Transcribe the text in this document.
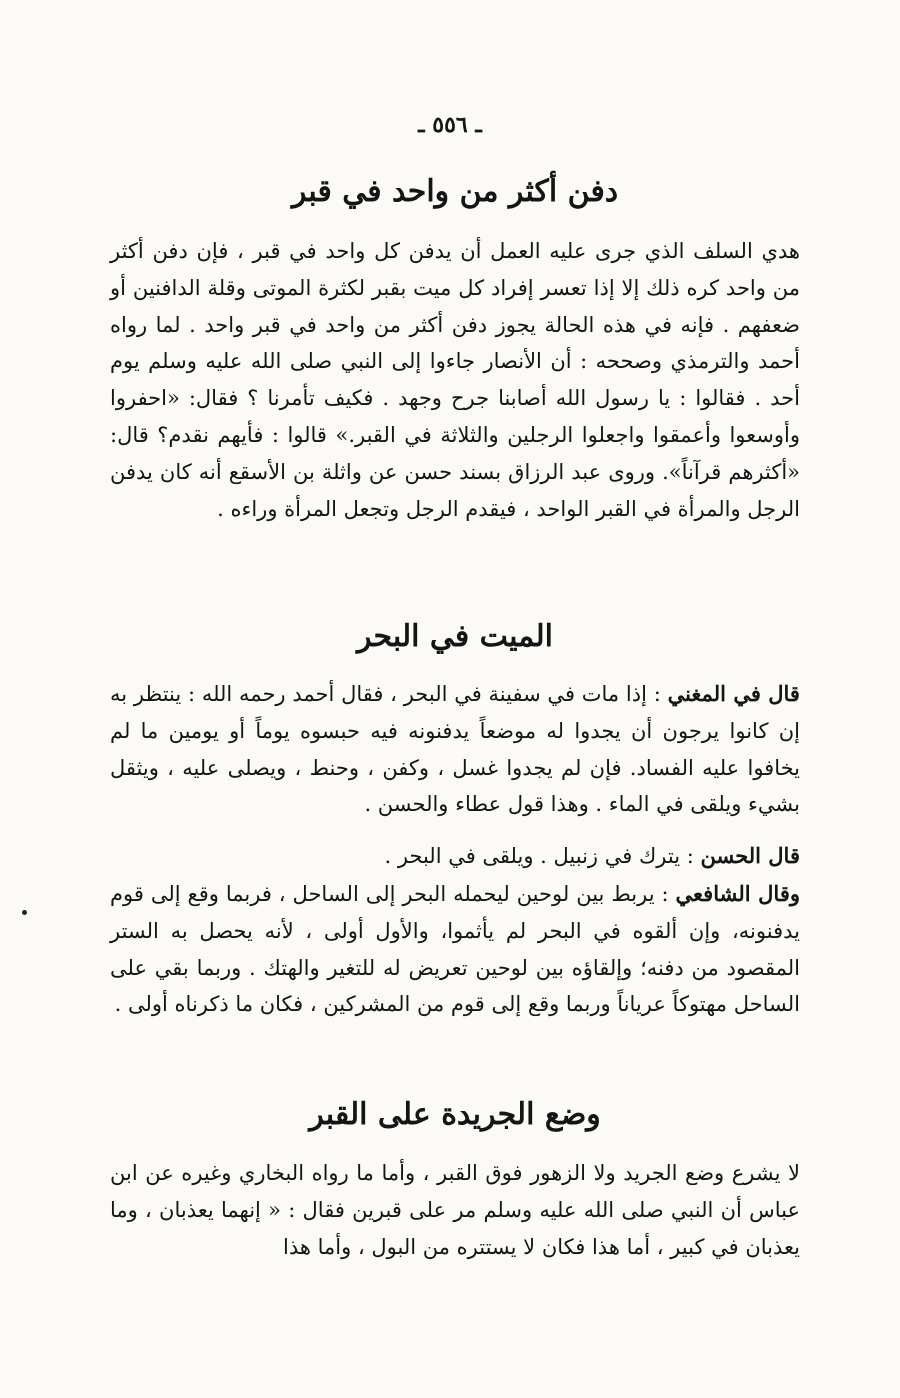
ـ ٥٥٦ ـ
دفن أكثر من واحد في قبر

هدي السلف الذي جرى عليه العمل أن يدفن كل واحد في قبر ، فإن دفن أكثر من واحد كره ذلك إلا إذا تعسر إفراد كل ميت بقبر لكثرة الموتى وقلة الدافنين أو ضعفهم . فإنه في هذه الحالة يجوز دفن أكثر من واحد في قبر واحد . لما رواه أحمد والترمذي وصححه : أن الأنصار جاءوا إلى النبي صلى الله عليه وسلم يوم أحد . فقالوا : يا رسول الله أصابنا جرح وجهد . فكيف تأمرنا ؟ فقال: «احفروا وأوسعوا وأعمقوا واجعلوا الرجلين والثلاثة في القبر.» قالوا : فأيهم نقدم؟ قال: «أكثرهم قرآناً». وروى عبد الرزاق بسند حسن عن واثلة بن الأسقع أنه كان يدفن الرجل والمرأة في القبر الواحد ، فيقدم الرجل وتجعل المرأة وراءه .

الميت في البحر

قال في المغني : إذا مات في سفينة في البحر ، فقال أحمد رحمه الله : ينتظر به إن كانوا يرجون أن يجدوا له موضعاً يدفنونه فيه حبسوه يوماً أو يومين ما لم يخافوا عليه الفساد. فإن لم يجدوا غسل ، وكفن ، وحنط ، ويصلى عليه ، ويثقل بشيء ويلقى في الماء . وهذا قول عطاء والحسن .

قال الحسن : يترك في زنبيل . ويلقى في البحر .

وقال الشافعي : يربط بين لوحين ليحمله البحر إلى الساحل ، فربما وقع إلى قوم يدفنونه، وإن ألقوه في البحر لم يأثموا، والأول أولى ، لأنه يحصل به الستر المقصود من دفنه؛ وإلقاؤه بين لوحين تعريض له للتغير والهتك . وربما بقي على الساحل مهتوكاً عرياناً وربما وقع إلى قوم من المشركين ، فكان ما ذكرناه أولى .

وضع الجريدة على القبر

لا يشرع وضع الجريد ولا الزهور فوق القبر ، وأما ما رواه البخاري وغيره عن ابن عباس أن النبي صلى الله عليه وسلم مر على قبرين فقال : « إنهما يعذبان ، وما يعذبان في كبير ، أما هذا فكان لا يستتره من البول ، وأما هذا
